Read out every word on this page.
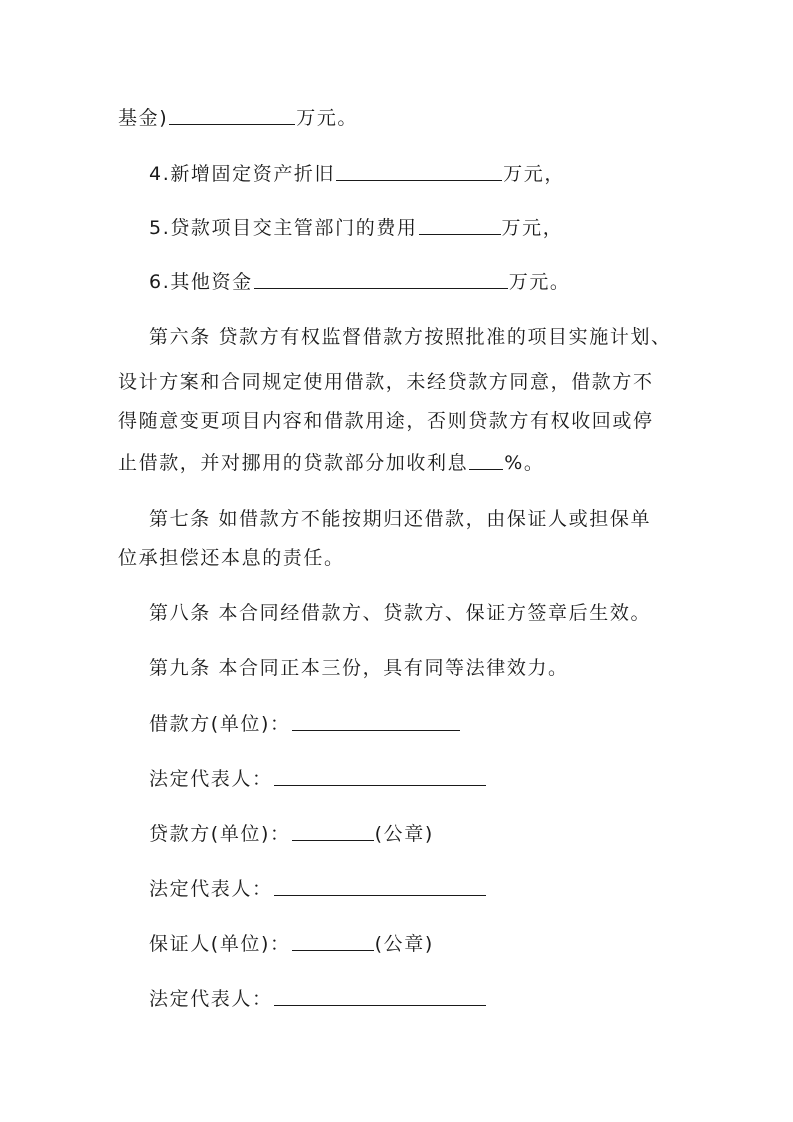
基金)	万元。
4.新增固定资产折旧	万元，
5.贷款项目交主管部门的费用	万元，
6.其他资金	万元。
第六条 贷款方有权监督借款方按照批准的项目实施计划、
设计方案和合同规定使用借款，未经贷款方同意，借款方不
得随意变更项目内容和借款用途，否则贷款方有权收回或停
止借款，并对挪用的贷款部分加收利息 %。
第七条 如借款方不能按期归还借款，由保证人或担保单
位承担偿还本息的责任。
第八条 本合同经借款方、贷款方、保证方签章后生效。
第九条 本合同正本三份，具有同等法律效力。
借款方(单位)：
法定代表人：
贷款方(单位)：	(公章)
法定代表人：
保证人(单位)：	(公章)
法定代表人：
